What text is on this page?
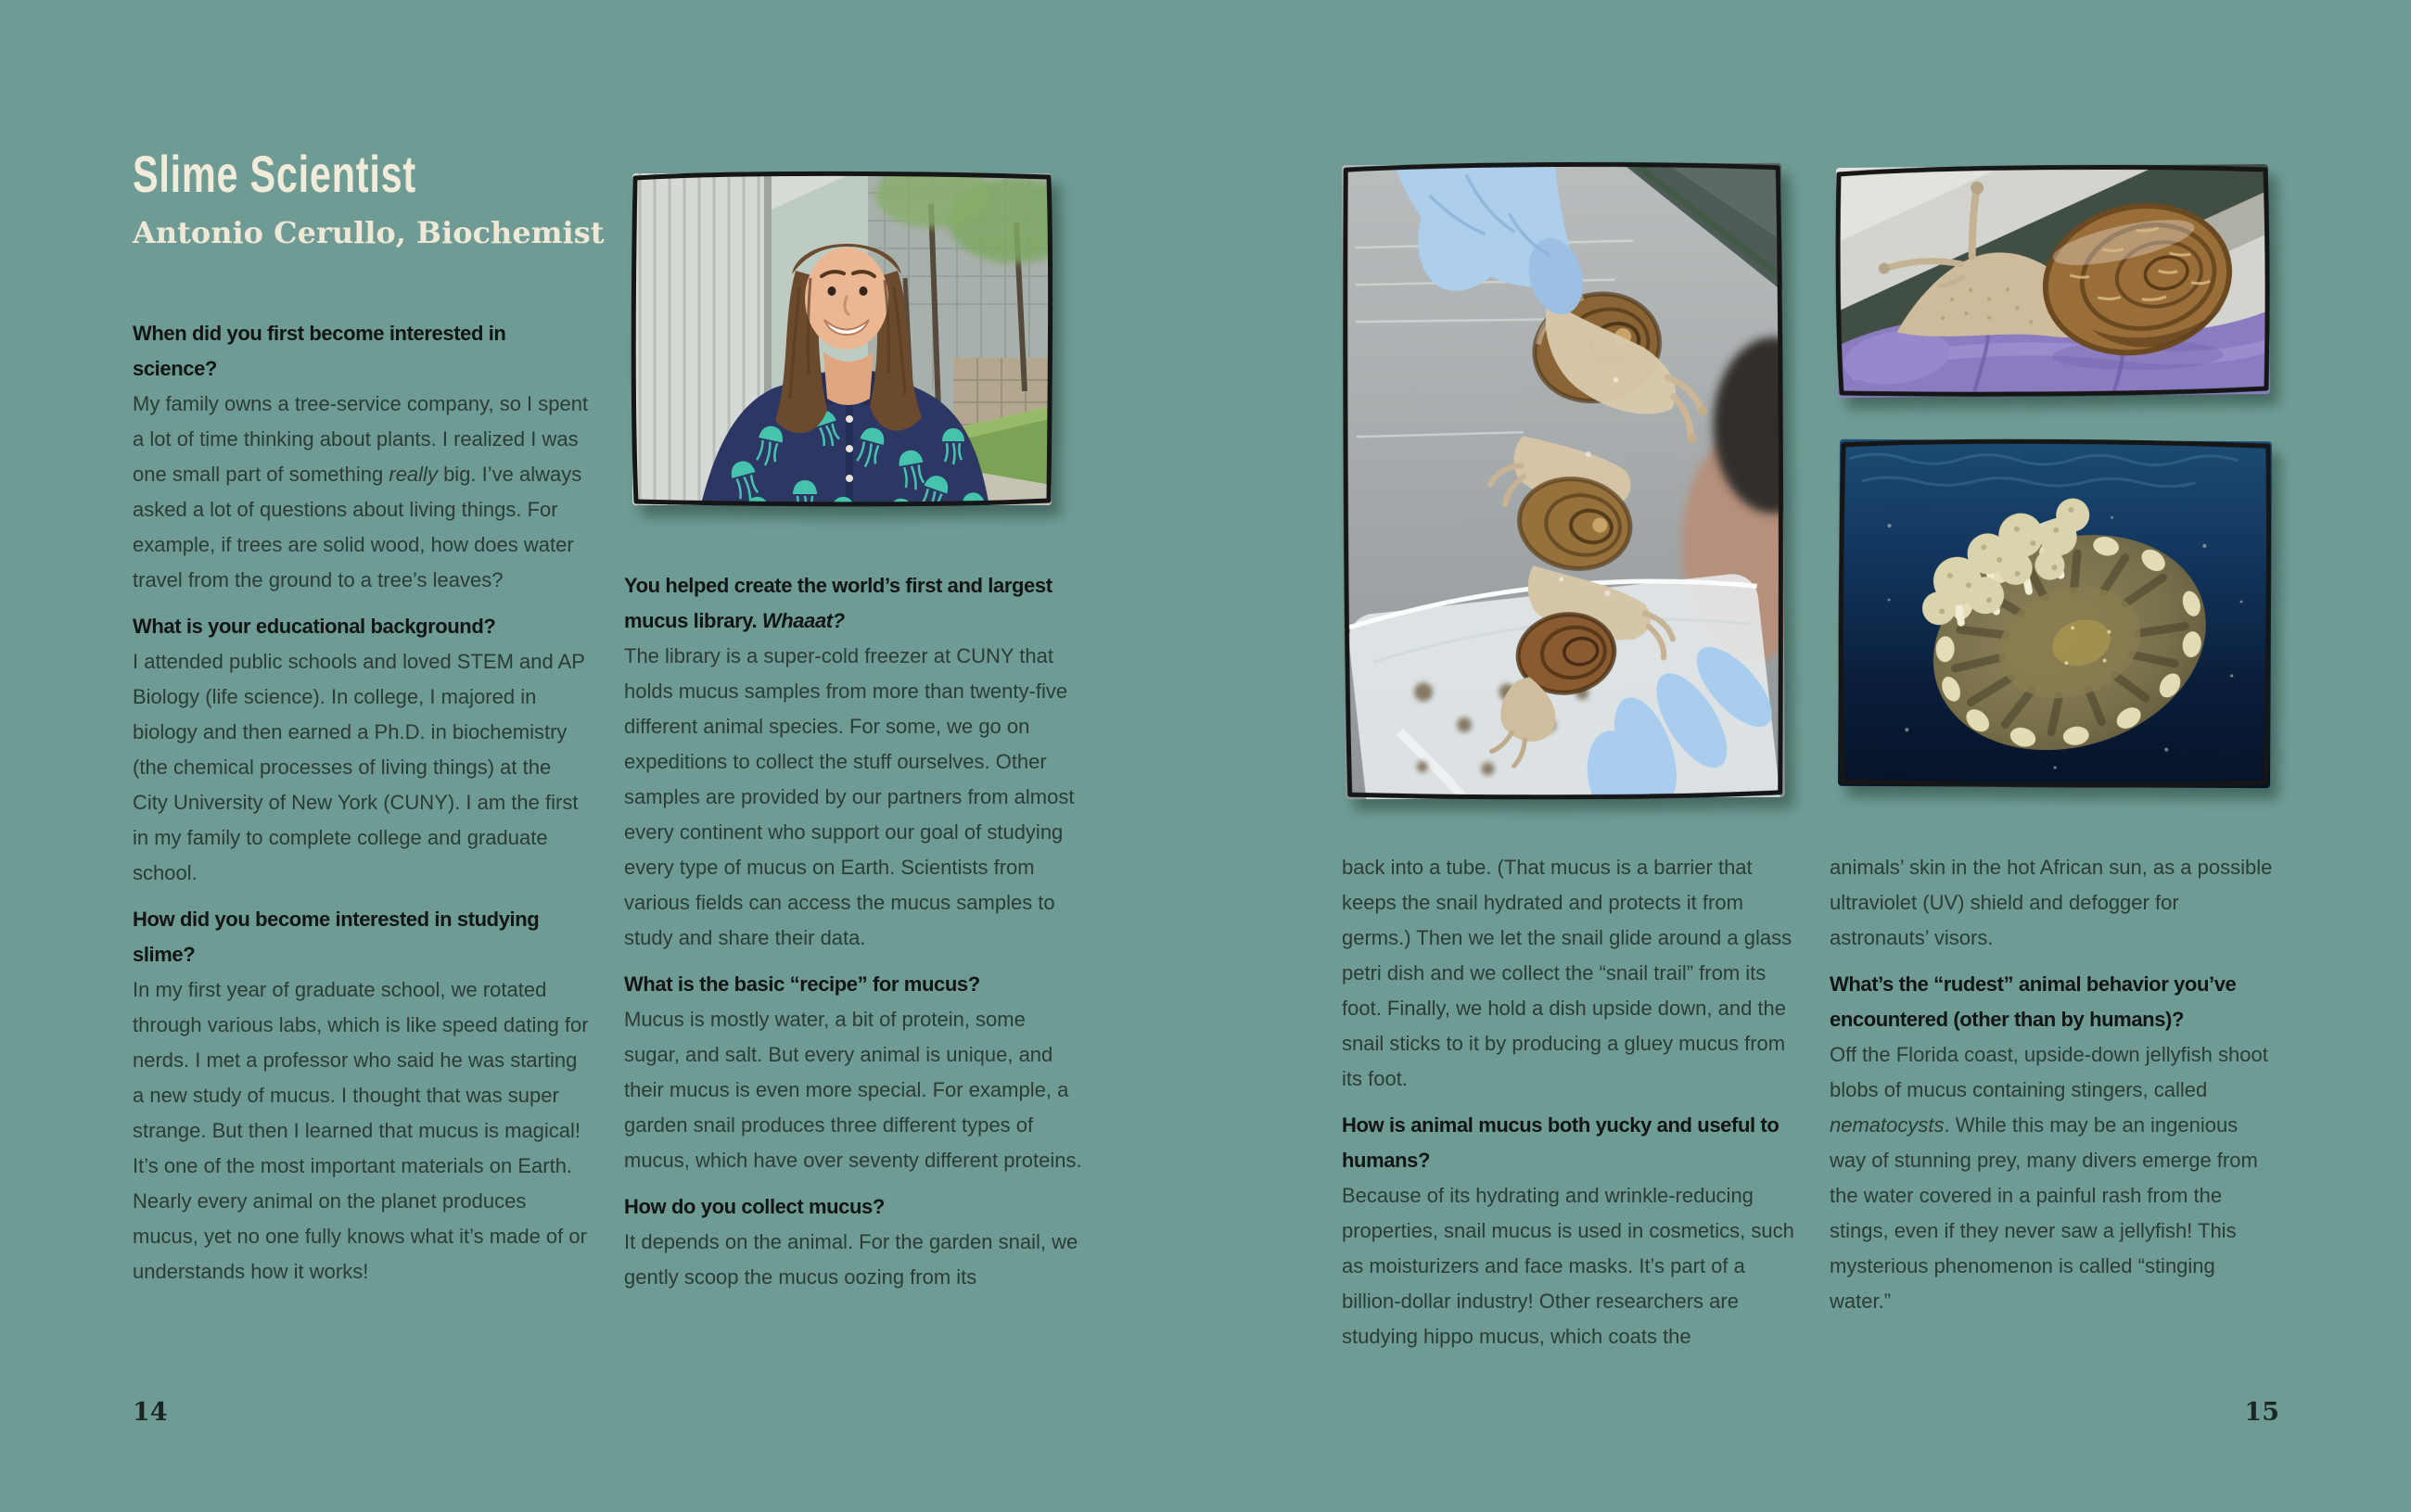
Slime Scientist
Antonio Cerullo, Biochemist

When did you first become interested in science?

My family owns a tree-service company, so I spent a lot of time thinking about plants. I realized I was one small part of something really big. I’ve always asked a lot of questions about living things. For example, if trees are solid wood, how does water travel from the ground to a tree’s leaves?

What is your educational background?

I attended public schools and loved STEM and AP Biology (life science). In college, I majored in biology and then earned a Ph.D. in biochemistry (the chemical processes of living things) at the City University of New York (CUNY). I am the first in my family to complete college and graduate school.

How did you become interested in studying slime?

In my first year of graduate school, we rotated through various labs, which is like speed dating for nerds. I met a professor who said he was starting a new study of mucus. I thought that was super strange. But then I learned that mucus is magical! It’s one of the most important materials on Earth. Nearly every animal on the planet produces mucus, yet no one fully knows what it’s made of or understands how it works!

You helped create the world’s first and largest mucus library. Whaaat?

The library is a super-cold freezer at CUNY that holds mucus samples from more than twenty-five different animal species. For some, we go on expeditions to collect the stuff ourselves. Other samples are provided by our partners from almost every continent who support our goal of studying every type of mucus on Earth. Scientists from various fields can access the mucus samples to study and share their data.

What is the basic “recipe” for mucus?

Mucus is mostly water, a bit of protein, some sugar, and salt. But every animal is unique, and their mucus is even more special. For example, a garden snail produces three different types of mucus, which have over seventy different proteins.

How do you collect mucus?

It depends on the animal. For the garden snail, we gently scoop the mucus oozing from its

14

back into a tube. (That mucus is a barrier that keeps the snail hydrated and protects it from germs.) Then we let the snail glide around a glass petri dish and we collect the “snail trail” from its foot. Finally, we hold a dish upside down, and the snail sticks to it by producing a gluey mucus from its foot.

How is animal mucus both yucky and useful to humans?

Because of its hydrating and wrinkle-reducing properties, snail mucus is used in cosmetics, such as moisturizers and face masks. It’s part of a billion-dollar industry! Other researchers are studying hippo mucus, which coats the

animals’ skin in the hot African sun, as a possible ultraviolet (UV) shield and defogger for astronauts’ visors.

What’s the “rudest” animal behavior you’ve encountered (other than by humans)?

Off the Florida coast, upside-down jellyfish shoot blobs of mucus containing stingers, called nematocysts. While this may be an ingenious way of stunning prey, many divers emerge from the water covered in a painful rash from the stings, even if they never saw a jellyfish! This mysterious phenomenon is called “stinging water.”

15
